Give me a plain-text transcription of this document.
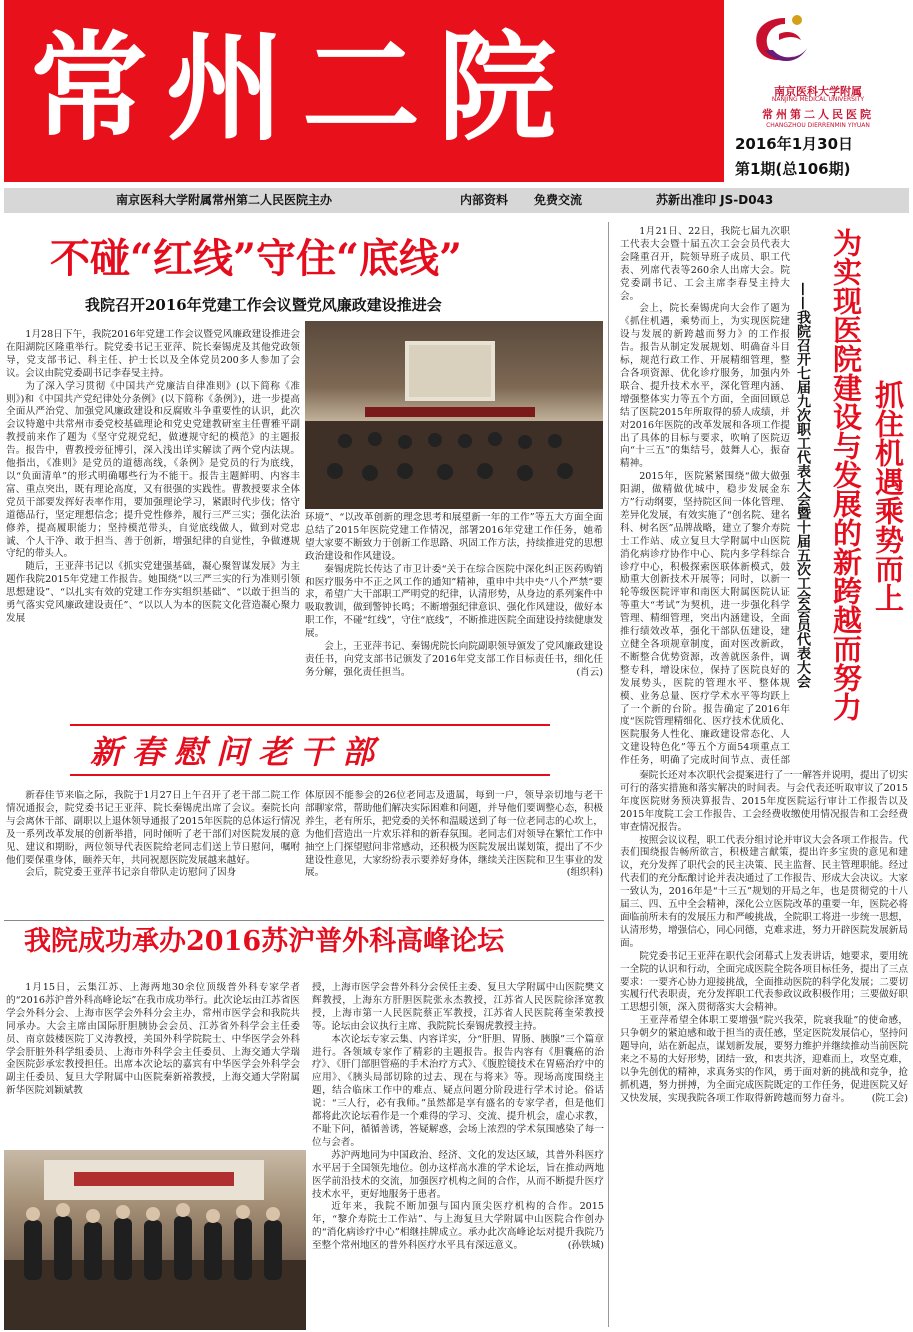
常州二院	南京医科大学附属
NANJING MEDICAL UNIVERSITY
常州第二人民医院
CHANGZHOU DIERRENMIN YIYUAN
2016年1月30日
第1期(总106期)
南京医科大学附属常州第二人民医院主办	内部资料 免费交流	苏新出准印 JS-D043
不碰“红线”守住“底线”
我院召开2016年党建工作会议暨党风廉政建设推进会

1月28日下午，我院2016年党建工作会议暨党风廉政建设推进会在阳湖院区隆重举行。院党委书记王亚萍、院长秦锡虎及其他党政领导，党支部书记、科主任、护士长以及全体党员200多人参加了会议。会议由院党委副书记李春旻主持。

为了深入学习贯彻《中国共产党廉洁自律准则》(以下简称《准则》)和《中国共产党纪律处分条例》(以下简称《条例》)，进一步提高全面从严治党、加强党风廉政建设和反腐败斗争重要性的认识，此次会议特邀中共常州市委党校基础理论和党史党建教研室主任曹雅平副教授前来作了题为《坚守党规党纪，做遵规守纪的模范》的主题报告。报告中，曹教授旁征博引，深入浅出详实解读了两个党内法规。他指出，《准则》是党员的道德高线，《条例》是党员的行为底线，以“负面清单”的形式明确哪些行为不能干。报告主题鲜明、内容丰富、重点突出，既有理论高度，又有很强的实践性。曹教授要求全体党员干部要发挥好表率作用，要加强理论学习，紧跟时代步伐；恪守道德品行，坚定理想信念；提升党性修养，履行三严三实；强化法治修养，提高履职能力；坚持模范带头，自觉底线做人，做到对党忠诚、个人干净、敢于担当、善于创新，增强纪律的自觉性，争做遵规守纪的带头人。

随后，王亚萍书记以《抓实党建强基础，凝心聚智谋发展》为主题作我院2015年党建工作报告。她围绕“以三严三实的行为准则引领思想建设”、“以扎实有效的党建工作夯实组织基础”、“以敢于担当的勇气落实党风廉政建设责任”、“以以人为本的医院文化营造凝心聚力发展

环境”、“以改革创新的理念思考和展望新一年的工作”等五大方面全面总结了2015年医院党建工作情况，部署2016年党建工作任务，她希望大家要不断致力于创新工作思路、巩固工作方法，持续推进党的思想政治建设和作风建设。

秦锡虎院长传达了市卫计委“关于在综合医院中深化纠正医药购销和医疗服务中不正之风工作的通知”精神，重申中共中央“八个严禁”要求，希望广大干部职工严明党的纪律，认清形势，从身边的系列案件中吸取教训，做到警钟长鸣；不断增强纪律意识、强化作风建设，做好本职工作，不碰“红线”，守住“底线”，不断推进医院全面建设持续健康发展。

会上，王亚萍书记、秦锡虎院长向院副职领导颁发了党风廉政建设责任书，向党支部书记颁发了2016年党支部工作目标责任书，细化任务分解，强化责任担当。	(肖云)

新春慰问老干部

新春佳节来临之际，我院于1月27日上午召开了老干部二院工作情况通报会，院党委书记王亚萍、院长秦锡虎出席了会议。秦院长向与会离休干部、副职以上退休领导通报了2015年医院的总体运行情况及一系列改革发展的创新举措，同时倾听了老干部们对医院发展的意见、建议和期盼，两位领导代表医院给老同志们送上节日慰问，嘱咐他们要保重身体，颐养天年，共同祝愿医院发展越来越好。

会后，院党委王亚萍书记亲自带队走访慰问了因身

体原因不能参会的26位老同志及遗属，每到一户，领导亲切地与老干部聊家常，帮助他们解决实际困难和问题，并导他们要调整心态，积极养生，老有所乐，把党委的关怀和温暖送到了每一位老同志的心坎上，为他们营造出一片欢乐祥和的新春氛围。老同志们对领导在繁忙工作中抽空上门探望慰问非常感动，还积极为医院发展出谋划策，提出了不少建设性意见，大家纷纷表示要养好身体，继续关注医院和卫生事业的发展。	(组织科)

我院成功承办2016苏沪普外科高峰论坛

1月15日，云集江苏、上海两地30余位顶级普外科专家学者的“2016苏沪普外科高峰论坛”在我市成功举行。此次论坛由江苏省医学会外科分会、上海市医学会外科分会主办，常州市医学会和我院共同承办。大会主席由国际肝胆胰协会会员、江苏省外科学会主任委员、南京鼓楼医院丁义涛教授，美国外科学院院士、中华医学会外科学会肝脏外科学组委员、上海市外科学会主任委员、上海交通大学瑞金医院彭承宏教授担任。出席本次论坛的嘉宾有中华医学会外科学会副主任委员、复旦大学附属中山医院秦新裕教授，上海交通大学附属新华医院刘颖斌教

授，上海市医学会普外科分会侯任主委、复旦大学附属中山医院樊文辉教授，上海东方肝胆医院张永杰教授，江苏省人民医院徐泽宽教授，上海市第一人民医院蔡正军教授，江苏省人民医院蒋奎荣教授等。论坛由会议执行主席、我院院长秦锡虎教授主持。

本次论坛专家云集、内容详实，分“肝胆、胃肠、胰腺”三个篇章进行。各领域专家作了精彩的主题报告。报告内容有《胆囊癌的治疗》、《肝门部胆管癌的手术治疗方式》、《腹腔镜技术在胃癌治疗中的应用》、《胰头局部切除的过去、现在与将来》等。现场高度围绕主题，结合临床工作中的难点、疑点问题分阶段进行学术讨论。俗话说：“三人行，必有我师。”虽然都是享有盛名的专家学者，但是他们都将此次论坛看作是一个难得的学习、交流、提升机会，虚心求教，不耻下问，循循善诱，答疑解惑，会场上浓烈的学术氛围感染了每一位与会者。

苏沪两地同为中国政治、经济、文化的发达区域，其普外科医疗水平居于全国领先地位。创办这样高水准的学术论坛，旨在推动两地医学前沿技术的交流，加强医疗机构之间的合作，从而不断提升医疗技术水平，更好地服务于患者。

近年来，我院不断加强与国内顶尖医疗机构的合作。2015年，“黎介寿院士工作站”、与上海复旦大学附属中山医院合作创办的“消化病诊疗中心”相继挂牌成立。承办此次高峰论坛对提升我院乃至整个常州地区的普外科医疗水平具有深远意义。	(孙铁城)

为实现医院建设与发展的新跨越而努力
——我院召开七届九次职工代表大会暨十届五次工会会员代表大会 抓住机遇乘势而上

1月21日、22日，我院七届九次职工代表大会暨十届五次工会会员代表大会隆重召开，院领导班子成员、职工代表、列席代表等260余人出席大会。院党委副书记、工会主席李春旻主持大会。

会上，院长秦锡虎向大会作了题为《抓住机遇，乘势而上，为实现医院建设与发展的新跨越而努力》的工作报告。报告从制定发展规划、明确奋斗目标，规范行政工作、开展精细管理，整合各项资源、优化诊疗服务，加强内外联合、提升技术水平，深化管理内涵、增强整体实力等五个方面，全面回顾总结了医院2015年所取得的骄人成绩，并对2016年医院的改革发展和各项工作提出了具体的目标与要求，吹响了医院迈向“十三五”的集结号，鼓舞人心，振奋精神。

2015年，医院紧紧围绕“做大做强阳湖，做精做优城中，稳步发展金东方”行动纲要，坚持院区间一体化管理、差异化发展，有效实施了“创名院、建名科、树名医”品牌战略，建立了黎介寿院士工作站、成立复旦大学附属中山医院消化病诊疗协作中心、院内多学科综合诊疗中心，积极探索医联体新模式，鼓励重大创新技术开展等；同时，以新一轮等级医院评审和南医大附属医院认证等重大“考试”为契机，进一步强化科学管理、精细管理，突出内涵建设，全面推行绩效改革，强化干部队伍建设，建立健全各项规章制度，面对医改新政，不断整合优势资源，改善就医条件，调整专科，增设床位，保持了医院良好的发展势头，医院的管理水平、整体规模、业务总量、医疗学术水平等均跃上了一个新的台阶。报告确定了2016年度“医院管理精细化、医疗技术优质化、医院服务人性化、廉政建设常态化、人文建设特色化”等五个方面54项重点工作任务，明确了完成时间节点、责任部

秦院长还对本次职代会提案进行了一一解答并说明，提出了切实可行的落实措施和落实解决的时间表。与会代表还听取审议了2015年度医院财务预决算报告、2015年度医院运行审计工作报告以及2015年度院工会工作报告、工会经费收缴使用情况报告和工会经费审查情况报告。

按照会议议程，职工代表分组讨论并审议大会各项工作报告。代表们围绕报告畅所欲言，积极建言献策，提出许多宝贵的意见和建议，充分发挥了职代会的民主决策、民主监督、民主管理职能。经过代表们的充分酝酿讨论并表决通过了工作报告、形成大会决议。大家一致认为，2016年是“十三五”规划的开局之年，也是贯彻党的十八届三、四、五中全会精神，深化公立医院改革的重要一年，医院必将面临前所未有的发展压力和严峻挑战，全院职工将进一步统一思想，认清形势，增强信心，同心同德，克难求进，努力开辟医院发展新局面。

院党委书记王亚萍在职代会闭幕式上发表讲话，她要求，要用统一全院的认识和行动，全面完成医院全院各项目标任务，提出了三点要求：一要齐心协力迎接挑战，全面推动医院的科学化发展；二要切实履行代表职责，充分发挥职工代表参政议政积极作用；三要做好职工思想引领，深入贯彻落实大会精神。

王亚萍希望全体职工要增强“院兴我荣，院衰我耻”的使命感，只争朝夕的紧迫感和敢于担当的责任感，坚定医院发展信心，坚持问题导向，站在新起点，谋划新发展，要努力维护并继续推动当前医院来之不易的大好形势，团结一致，和衷共济，迎难而上，攻坚克难，以争先创优的精神，求真务实的作风，勇于面对新的挑战和竞争，抢抓机遇，努力拼搏，为全面完成医院既定的工作任务，促进医院又好又快发展，实现我院各项工作取得新跨越而努力奋斗。 (院工会)
